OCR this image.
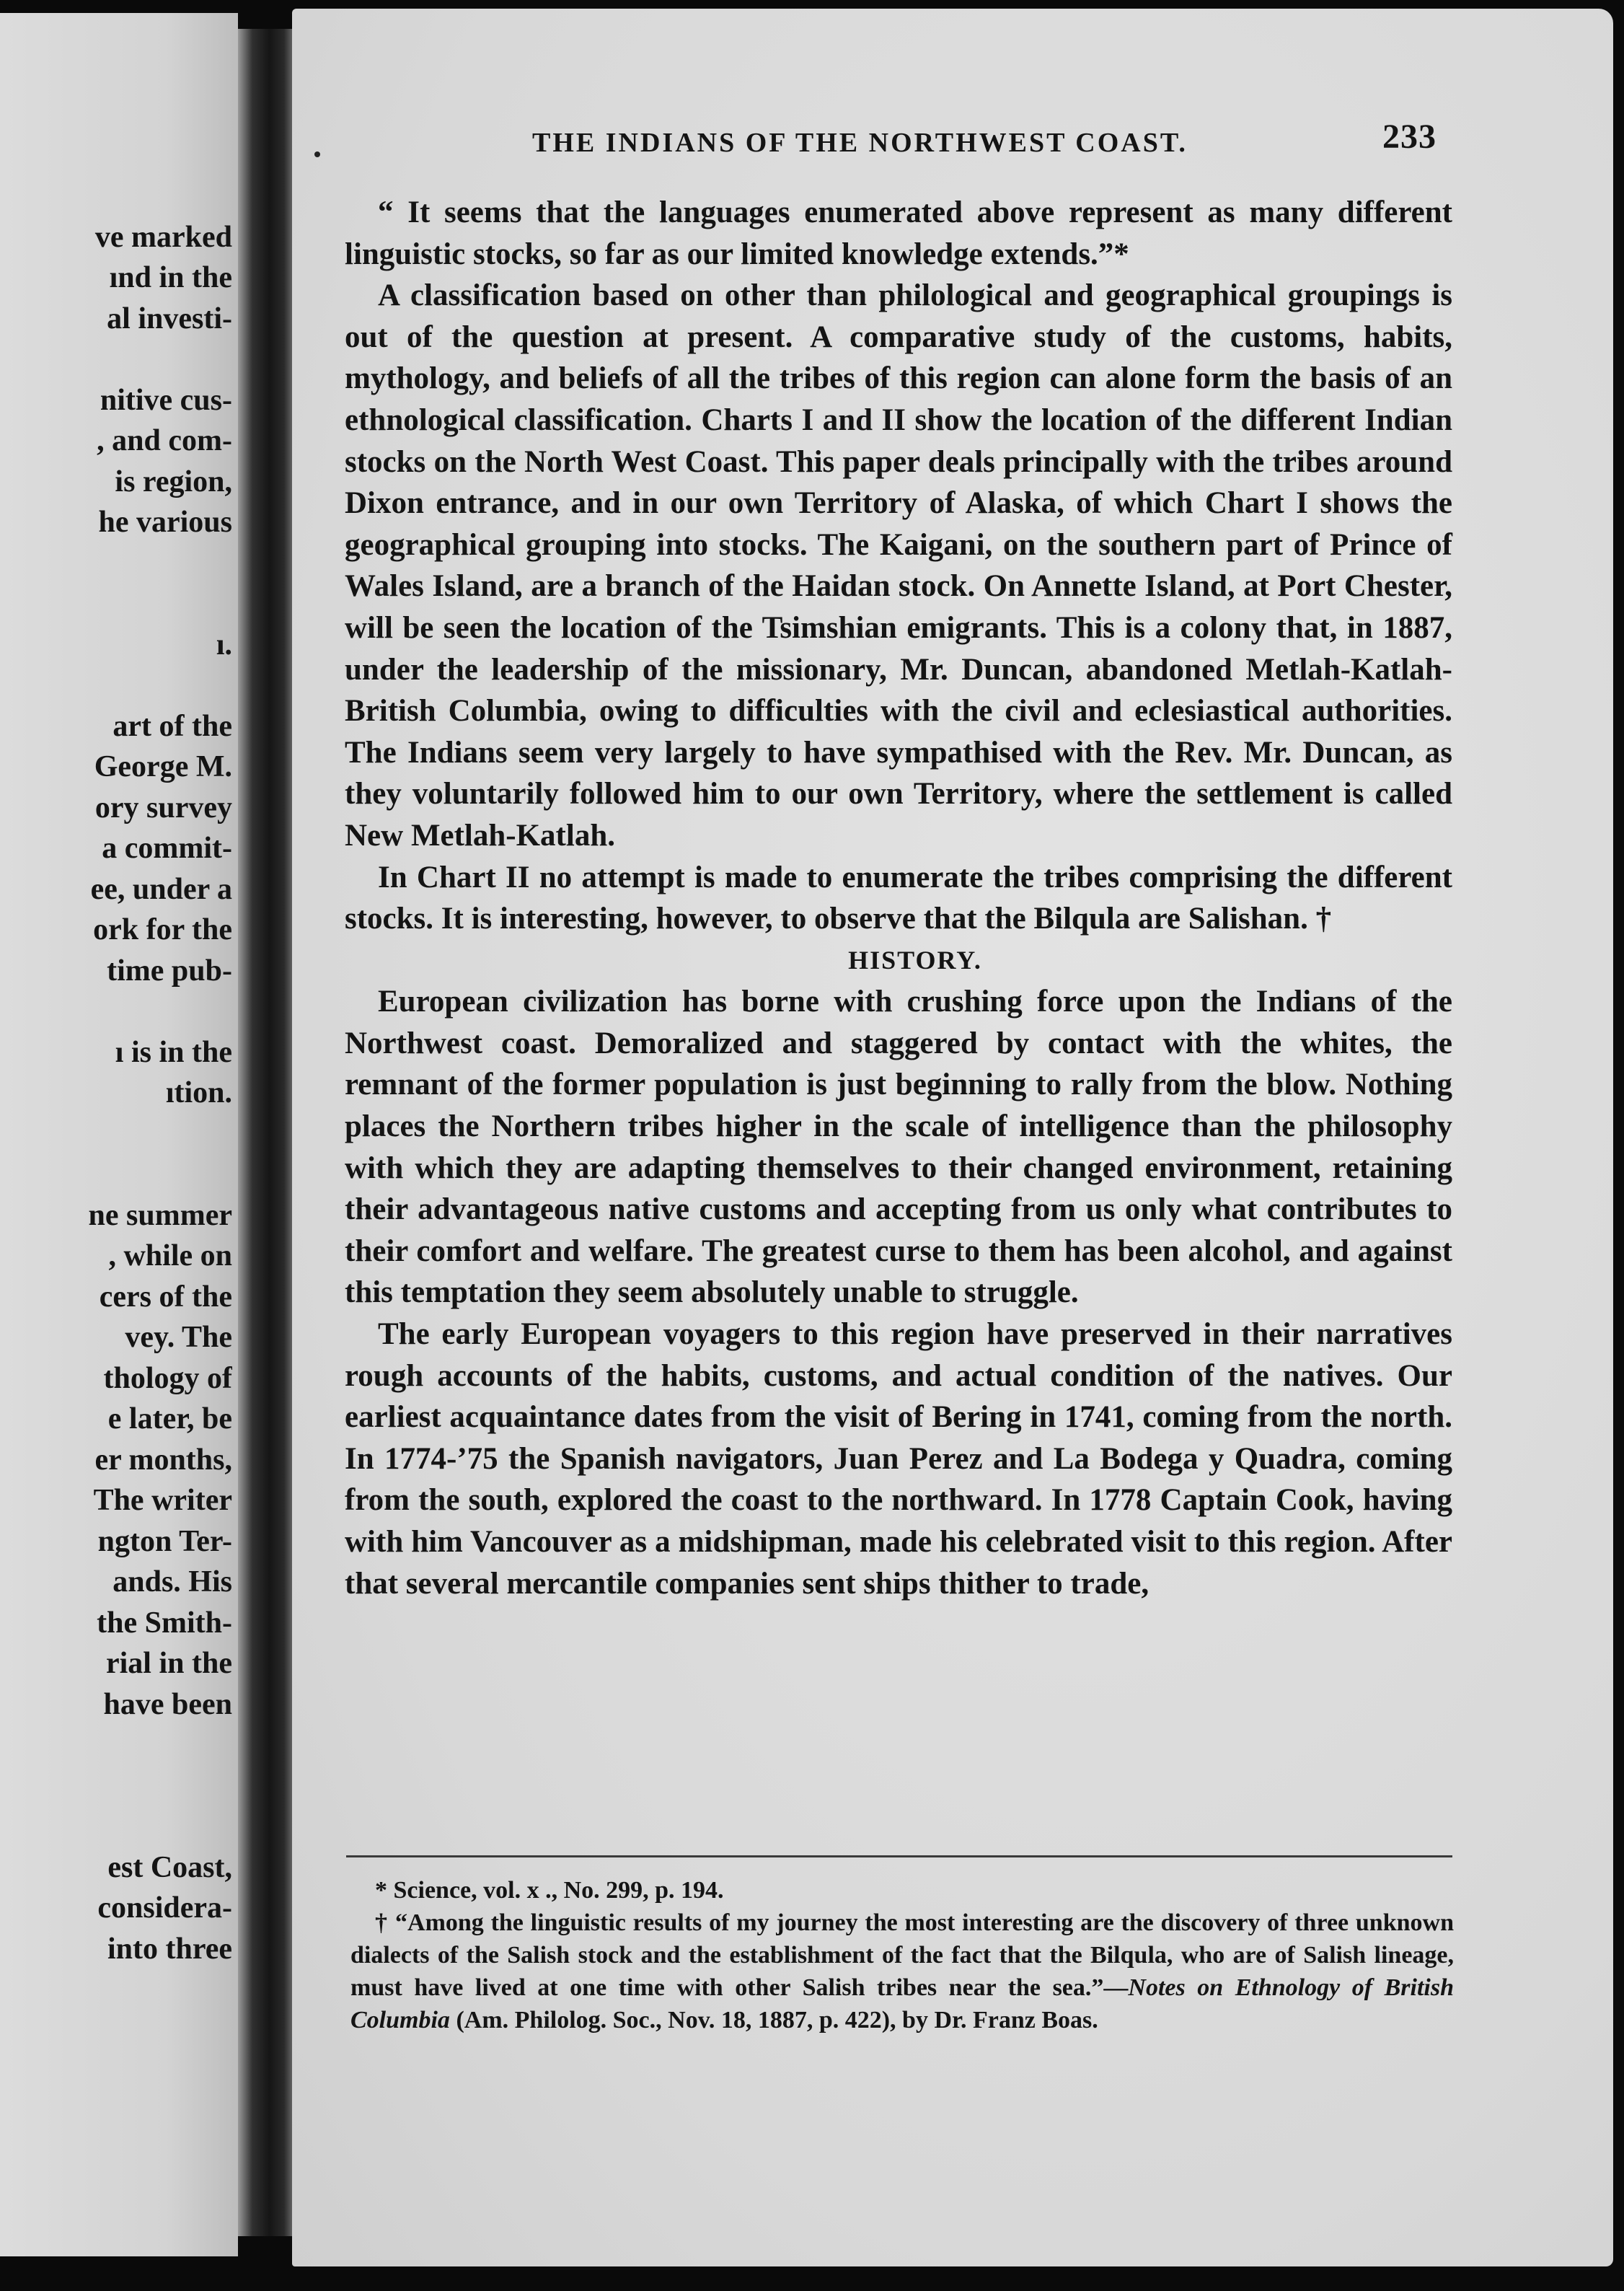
ve marked
ınd in the
al investi-
nitive cus-
, and com-
is region,
he various
ı.
art of the
George M.
ory survey
a commit-
ee, under a
ork for the
time pub-
ı is in the
ıtion.
ne summer
, while on
cers of the
vey. The
thology of
e later, be
er months,
The writer
ngton Ter-
ands. His
the Smith-
rial in the
have been
est Coast,
considera-
into three
THE INDIANS OF THE NORTHWEST COAST.	233

“ It seems that the languages enumerated above represent as many different linguistic stocks, so far as our limited knowledge extends.”*

A classification based on other than philological and geographical groupings is out of the question at present. A comparative study of the customs, habits, mythology, and beliefs of all the tribes of this region can alone form the basis of an ethnological classification. Charts I and II show the location of the different Indian stocks on the North West Coast. This paper deals principally with the tribes around Dixon entrance, and in our own Territory of Alaska, of which Chart I shows the geographical grouping into stocks. The Kaigani, on the southern part of Prince of Wales Island, are a branch of the Haidan stock. On Annette Island, at Port Chester, will be seen the location of the Tsimshian emigrants. This is a colony that, in 1887, under the leadership of the missionary, Mr. Duncan, abandoned Metlah-Katlah-British Columbia, owing to difficulties with the civil and eclesiastical authorities. The Indians seem very largely to have sympathised with the Rev. Mr. Duncan, as they voluntarily followed him to our own Territory, where the settlement is called New Metlah-Katlah.

In Chart II no attempt is made to enumerate the tribes comprising the different stocks. It is interesting, however, to observe that the Bilqula are Salishan. †

HISTORY.

European civilization has borne with crushing force upon the Indians of the Northwest coast. Demoralized and staggered by contact with the whites, the remnant of the former population is just beginning to rally from the blow. Nothing places the Northern tribes higher in the scale of intelligence than the philosophy with which they are adapting themselves to their changed environment, retaining their advantageous native customs and accepting from us only what contributes to their comfort and welfare. The greatest curse to them has been alcohol, and against this temptation they seem absolutely unable to struggle.

The early European voyagers to this region have preserved in their narratives rough accounts of the habits, customs, and actual condition of the natives. Our earliest acquaintance dates from the visit of Bering in 1741, coming from the north. In 1774-’75 the Spanish navigators, Juan Perez and La Bodega y Quadra, coming from the south, explored the coast to the northward. In 1778 Captain Cook, having with him Vancouver as a midshipman, made his celebrated visit to this region. After that several mercantile companies sent ships thither to trade,

* Science, vol. x ., No. 299, p. 194.

† “Among the linguistic results of my journey the most interesting are the discovery of three unknown dialects of the Salish stock and the establishment of the fact that the Bilqula, who are of Salish lineage, must have lived at one time with other Salish tribes near the sea.”—Notes on Ethnology of British Columbia (Am. Philolog. Soc., Nov. 18, 1887, p. 422), by Dr. Franz Boas.
